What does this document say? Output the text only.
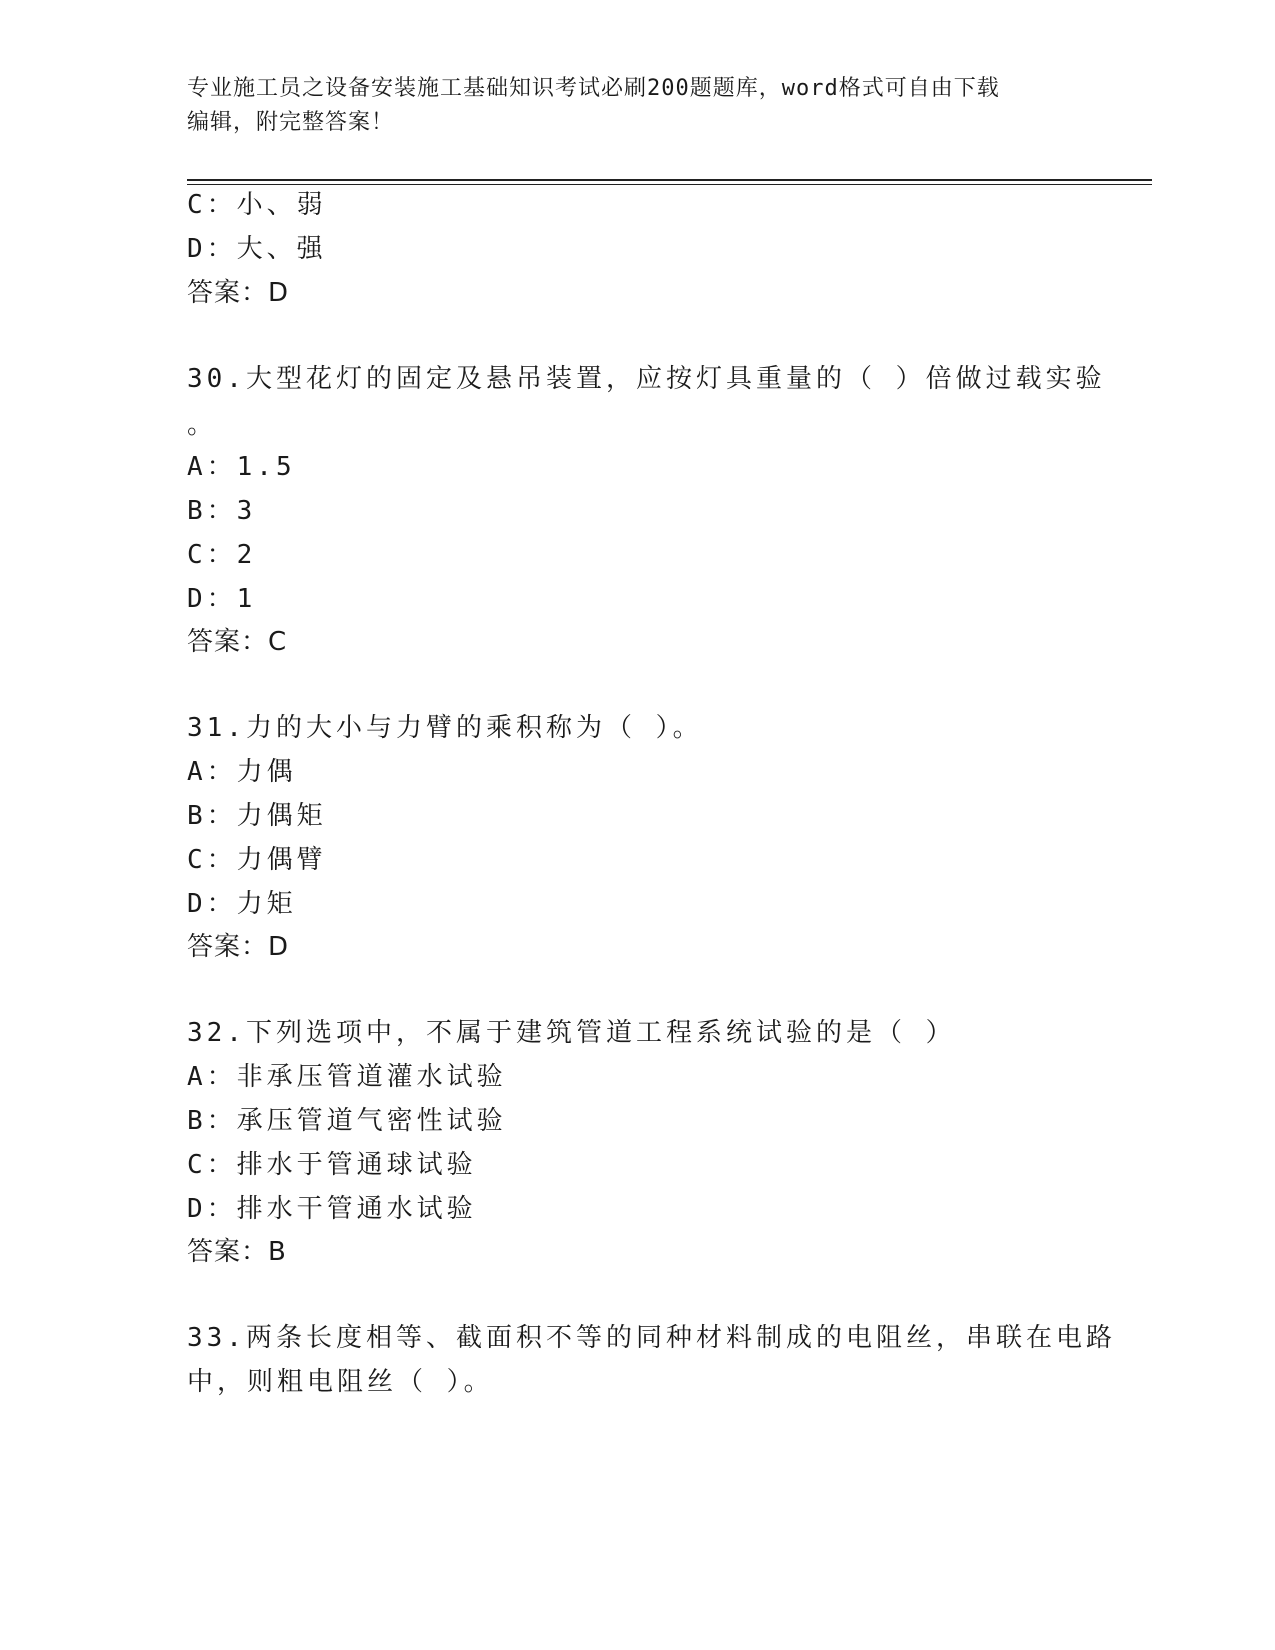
专业施工员之设备安装施工基础知识考试必刷200题题库，word格式可自由下载
编辑，附完整答案！
C：小、弱
D：大、强
答案：D
30.大型花灯的固定及悬吊装置，应按灯具重量的（ ）倍做过载实验
。
A：1.5
B：3
C：2
D：1
答案：C
31.力的大小与力臂的乘积称为（ ）。
A：力偶
B：力偶矩
C：力偶臂
D：力矩
答案：D
32.下列选项中，不属于建筑管道工程系统试验的是（ ）
A：非承压管道灌水试验
B：承压管道气密性试验
C：排水于管通球试验
D：排水干管通水试验
答案：B
33.两条长度相等、截面积不等的同种材料制成的电阻丝，串联在电路
中，则粗电阻丝（ ）。
